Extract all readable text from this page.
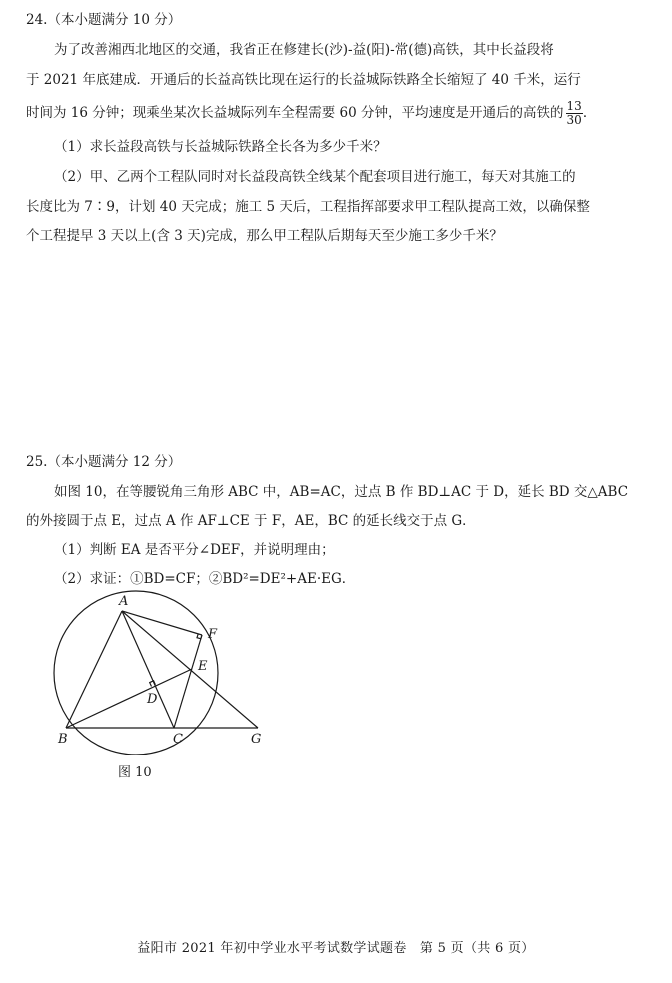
24.（本小题满分 10 分）
为了改善湘西北地区的交通，我省正在修建长(沙)-益(阳)-常(德)高铁，其中长益段将
于 2021 年底建成．开通后的长益高铁比现在运行的长益城际铁路全长缩短了 40 千米，运行
时间为 16 分钟；现乘坐某次长益城际列车全程需要 60 分钟，平均速度是开通后的高铁的 $\frac{13}{30}$ ．
（1）求长益段高铁与长益城际铁路全长各为多少千米？
（2）甲、乙两个工程队同时对长益段高铁全线某个配套项目进行施工，每天对其施工的
长度比为 7∶9，计划 40 天完成；施工 5 天后，工程指挥部要求甲工程队提高工效，以确保整
个工程提早 3 天以上(含 3 天)完成，那么甲工程队后期每天至少施工多少千米？
25.（本小题满分 12 分）
如图 10，在等腰锐角三角形 ABC 中，AB=AC，过点 B 作 BD⊥AC 于 D，延长 BD 交△ABC
的外接圆于点 E，过点 A 作 AF⊥CE 于 F，AE，BC 的延长线交于点 G．
（1）判断 EA 是否平分∠DEF，并说明理由；
（2）求证：①BD=CF；②BD²=DE²+AE·EG．
A
B	C
D
E
F
G
图 10
益阳市 2021 年初中学业水平考试数学试题卷　第 5 页（共 6 页）
